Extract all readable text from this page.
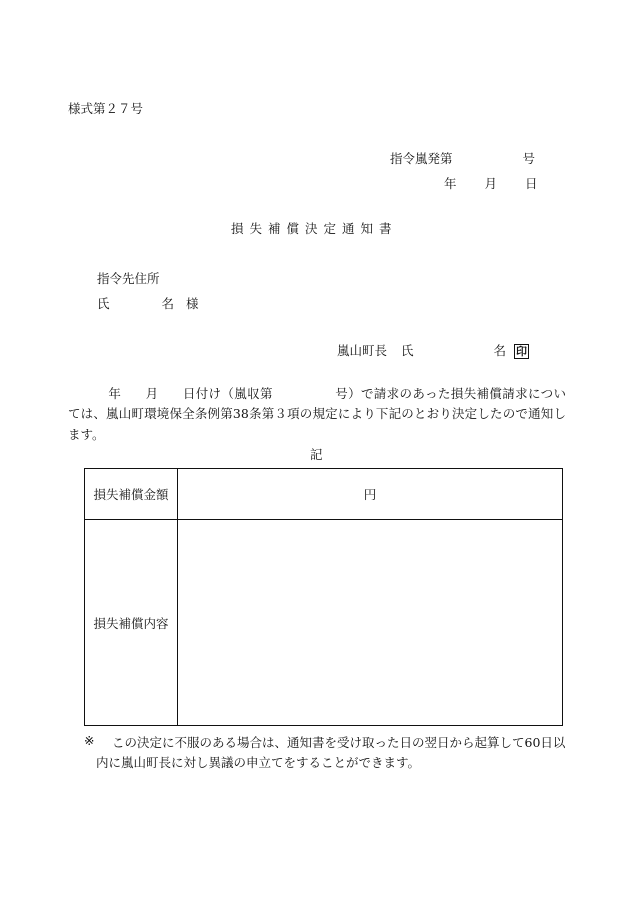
様式第２７号
指令嵐発第	号
年 月 日
損失補償決定通知書
指令先住所
氏	名 様
嵐山町長 氏	名 印
年 月 日付け（嵐収第	号）で請求のあった損失補償請求については、嵐山町環境保全条例第38条第３項の規定により下記のとおり決定したので通知します。
記
損失補償金額	円
損失補償内容	
※	この決定に不服のある場合は、通知書を受け取った日の翌日から起算して60日以内に嵐山町長に対し異議の申立てをすることができます。
